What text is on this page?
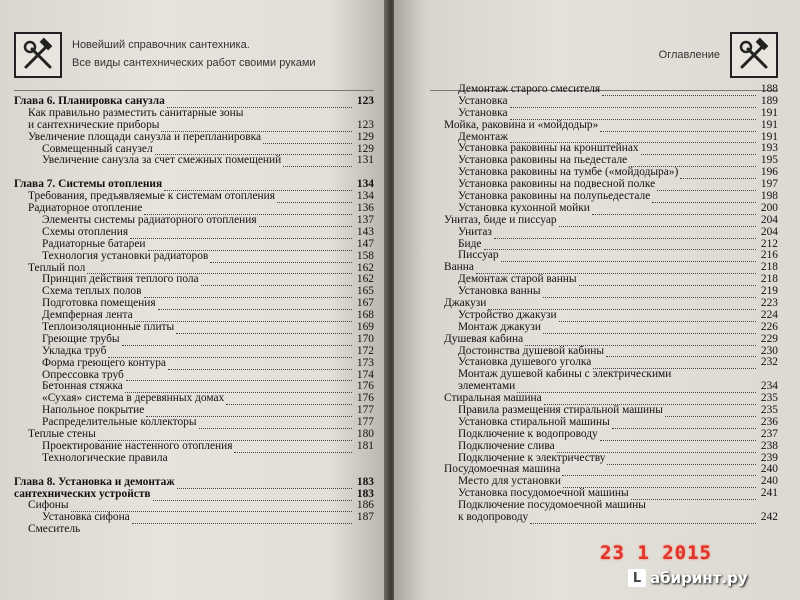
Новейший справочник сантехника.
Все виды сантехнических работ своими руками
Глава 6. Планировка санузла	123
Как правильно разместить санитарные зоны
и сантехнические приборы	123
Увеличение площади санузла и перепланировка	129
Совмещенный санузел	129
Увеличение санузла за счет смежных помещений	131
Глава 7. Системы отопления	134
Требования, предъявляемые к системам отопления	134
Радиаторное отопление	136
Элементы системы радиаторного отопления	137
Схемы отопления	143
Радиаторные батареи	147
Технология установки радиаторов	158
Теплый пол	162
Принцип действия теплого пола	162
Схема теплых полов	165
Подготовка помещения	167
Демпферная лента	168
Теплоизоляционные плиты	169
Греющие трубы	170
Укладка труб	172
Форма греющего контура	173
Опрессовка труб	174
Бетонная стяжка	176
«Сухая» система в деревянных домах	176
Напольное покрытие	177
Распределительные коллекторы	177
Теплые стены	180
Проектирование настенного отопления	181
Технологические правила
Глава 8. Установка и демонтаж	183
сантехнических устройств	183
Сифоны	186
Установка сифона	187
Смеситель
Оглавление
Демонтаж старого смесителя	188
Установка	189
Установка	191
Мойка, раковина и «мойдодыр»	191
Демонтаж	191
Установка раковины на кронштейнах	193
Установка раковины на пьедестале	195
Установка раковины на тумбе («мойдодыра»)	196
Установка раковины на подвесной полке	197
Установка раковины на полупьедестале	198
Установка кухонной мойки	200
Унитаз, биде и писсуар	204
Унитаз	204
Биде	212
Писсуар	216
Ванна	218
Демонтаж старой ванны	218
Установка ванны	219
Джакузи	223
Устройство джакузи	224
Монтаж джакузи	226
Душевая кабина	229
Достоинства душевой кабины	230
Установка душевого уголка	232
Монтаж душевой кабины с электрическими
элементами	234
Стиральная машина	235
Правила размещения стиральной машины	235
Установка стиральной машины	236
Подключение к водопроводу	237
Подключение слива	238
Подключение к электричеству	239
Посудомоечная машина	240
Место для установки	240
Установка посудомоечной машины	241
Подключение посудомоечной машины
к водопроводу	242
23 1 2015
L абиринт.ру
